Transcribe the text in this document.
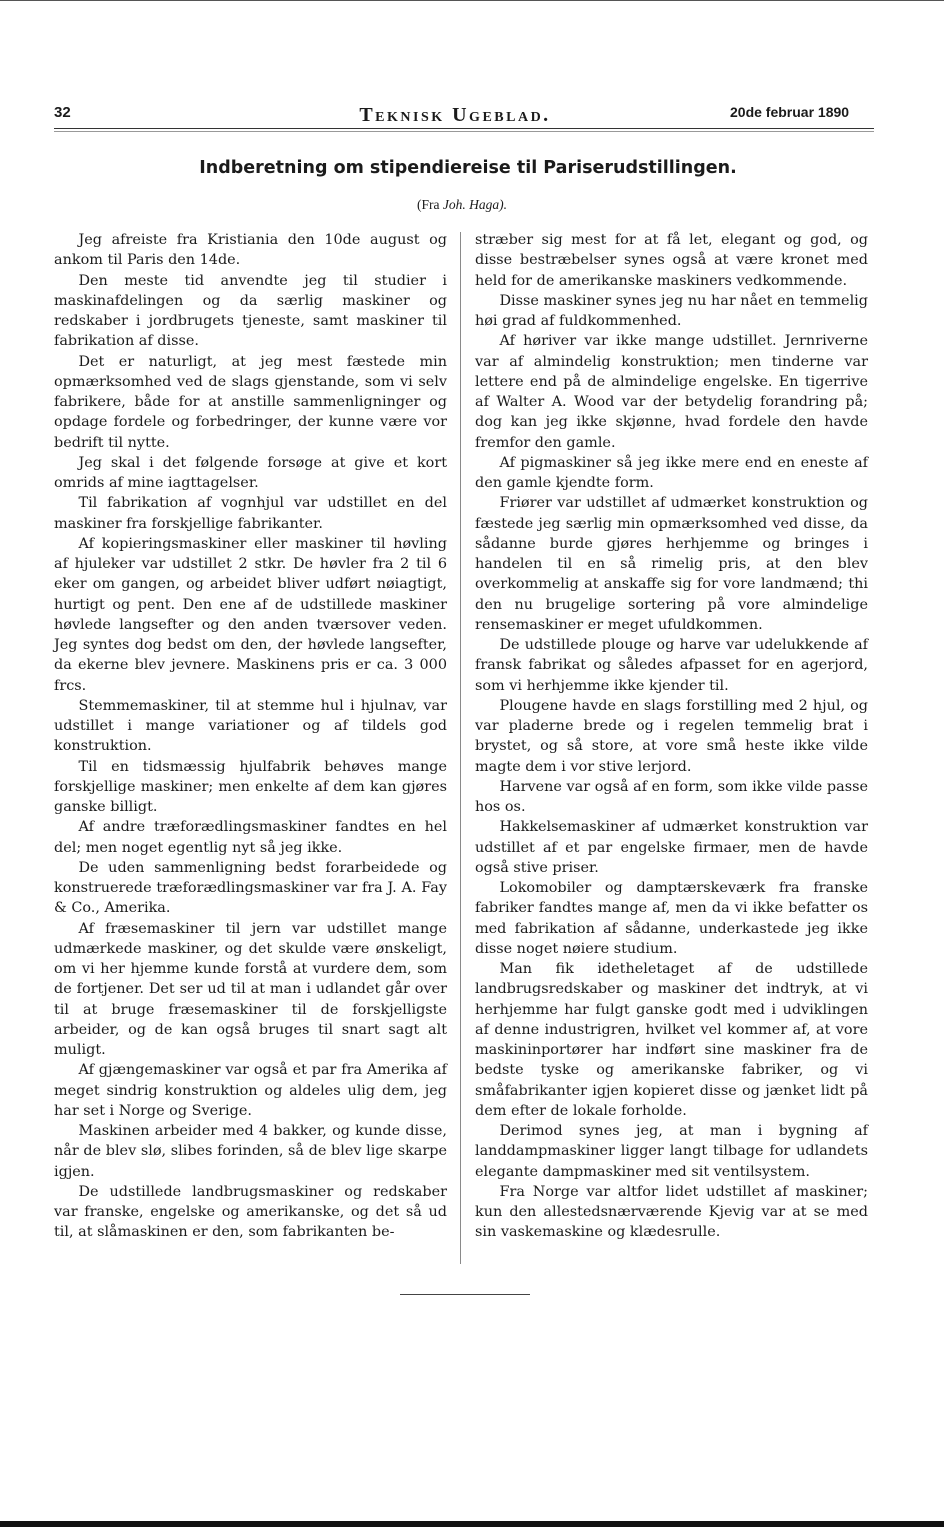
32	Teknisk Ugeblad.	20de februar 1890
Indberetning om stipendiereise til Pariserudstillingen.
(Fra Joh. Haga).

Jeg afreiste fra Kristiania den 10de august og ankom til Paris den 14de.

Den meste tid anvendte jeg til studier i maskinafdelingen og da særlig maskiner og redskaber i jordbrugets tjeneste, samt maskiner til fabrikation af disse.

Det er naturligt, at jeg mest fæstede min opmærksomhed ved de slags gjenstande, som vi selv fabrikere, både for at anstille sammenligninger og opdage fordele og forbedringer, der kunne være vor bedrift til nytte.

Jeg skal i det følgende forsøge at give et kort omrids af mine iagttagelser.

Til fabrikation af vognhjul var udstillet en del maskiner fra forskjellige fabrikanter.

Af kopieringsmaskiner eller maskiner til høvling af hjuleker var udstillet 2 stkr. De høvler fra 2 til 6 eker om gangen, og arbeidet bliver udført nøiagtigt, hurtigt og pent. Den ene af de udstillede maskiner høvlede langsefter og den anden tværsover veden. Jeg syntes dog bedst om den, der høvlede langsefter, da ekerne blev jevnere. Maskinens pris er ca. 3 000 frcs.

Stemmemaskiner, til at stemme hul i hjulnav, var udstillet i mange variationer og af tildels god konstruktion.

Til en tidsmæssig hjulfabrik behøves mange forskjellige maskiner; men enkelte af dem kan gjøres ganske billigt.

Af andre træforædlingsmaskiner fandtes en hel del; men noget egentlig nyt så jeg ikke.

De uden sammenligning bedst forarbeidede og konstruerede træforædlingsmaskiner var fra J. A. Fay & Co., Amerika.

Af fræsemaskiner til jern var udstillet mange udmærkede maskiner, og det skulde være ønskeligt, om vi her hjemme kunde forstå at vurdere dem, som de fortjener. Det ser ud til at man i udlandet går over til at bruge fræsemaskiner til de forskjelligste arbeider, og de kan også bruges til snart sagt alt muligt.

Af gjængemaskiner var også et par fra Amerika af meget sindrig konstruktion og aldeles ulig dem, jeg har set i Norge og Sverige.

Maskinen arbeider med 4 bakker, og kunde disse, når de blev slø, slibes forinden, så de blev lige skarpe igjen.

De udstillede landbrugsmaskiner og redskaber var franske, engelske og amerikanske, og det så ud til, at slåmaskinen er den, som fabrikanten be-

stræber sig mest for at få let, elegant og god, og disse bestræbelser synes også at være kronet med held for de amerikanske maskiners vedkommende.

Disse maskiner synes jeg nu har nået en temmelig høi grad af fuldkommenhed.

Af høriver var ikke mange udstillet. Jernriverne var af almindelig konstruktion; men tinderne var lettere end på de almindelige engelske. En tigerrive af Walter A. Wood var der betydelig forandring på; dog kan jeg ikke skjønne, hvad fordele den havde fremfor den gamle.

Af pigmaskiner så jeg ikke mere end en eneste af den gamle kjendte form.

Friører var udstillet af udmærket konstruktion og fæstede jeg særlig min opmærksomhed ved disse, da sådanne burde gjøres herhjemme og bringes i handelen til en så rimelig pris, at den blev overkommelig at anskaffe sig for vore landmænd; thi den nu brugelige sortering på vore almindelige rensemaskiner er meget ufuldkommen.

De udstillede plouge og harve var udelukkende af fransk fabrikat og således afpasset for en agerjord, som vi herhjemme ikke kjender til.

Plougene havde en slags forstilling med 2 hjul, og var pladerne brede og i regelen temmelig brat i brystet, og så store, at vore små heste ikke vilde magte dem i vor stive lerjord.

Harvene var også af en form, som ikke vilde passe hos os.

Hakkelsemaskiner af udmærket konstruktion var udstillet af et par engelske firmaer, men de havde også stive priser.

Lokomobiler og damptærskeværk fra franske fabriker fandtes mange af, men da vi ikke befatter os med fabrikation af sådanne, underkastede jeg ikke disse noget nøiere studium.

Man fik idetheletaget af de udstillede landbrugsredskaber og maskiner det indtryk, at vi herhjemme har fulgt ganske godt med i udviklingen af denne industrigren, hvilket vel kommer af, at vore maskininportører har indført sine maskiner fra de bedste tyske og amerikanske fabriker, og vi småfabrikanter igjen kopieret disse og jænket lidt på dem efter de lokale forholde.

Derimod synes jeg, at man i bygning af landdampmaskiner ligger langt tilbage for udlandets elegante dampmaskiner med sit ventilsystem.

Fra Norge var altfor lidet udstillet af maskiner; kun den allestedsnærværende Kjevig var at se med sin vaskemaskine og klædesrulle.
